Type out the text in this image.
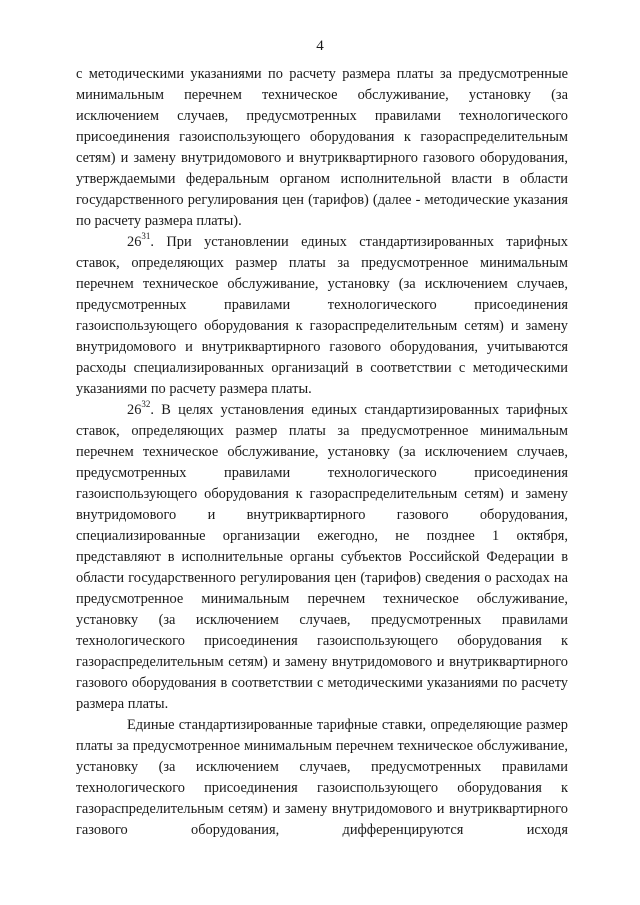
4

с методическими указаниями по расчету размера платы за предусмотренные минимальным перечнем техническое обслуживание, установку (за исключением случаев, предусмотренных правилами технологического присоединения газоиспользующего оборудования к газораспределительным сетям) и замену внутридомового и внутриквартирного газового оборудования, утверждаемыми федеральным органом исполнительной власти в области государственного регулирования цен (тарифов) (далее - методические указания по расчету размера платы).

$26^{31}$. При установлении единых стандартизированных тарифных ставок, определяющих размер платы за предусмотренное минимальным перечнем техническое обслуживание, установку (за исключением случаев, предусмотренных правилами технологического присоединения газоиспользующего оборудования к газораспределительным сетям) и замену внутридомового и внутриквартирного газового оборудования, учитываются расходы специализированных организаций в соответствии с методическими указаниями по расчету размера платы.

$26^{32}$. В целях установления единых стандартизированных тарифных ставок, определяющих размер платы за предусмотренное минимальным перечнем техническое обслуживание, установку (за исключением случаев, предусмотренных правилами технологического присоединения газоиспользующего оборудования к газораспределительным сетям) и замену внутридомового и внутриквартирного газового оборудования, специализированные организации ежегодно, не позднее 1 октября, представляют в исполнительные органы субъектов Российской Федерации в области государственного регулирования цен (тарифов) сведения о расходах на предусмотренное минимальным перечнем техническое обслуживание, установку (за исключением случаев, предусмотренных правилами технологического присоединения газоиспользующего оборудования к газораспределительным сетям) и замену внутридомового и внутриквартирного газового оборудования в соответствии с методическими указаниями по расчету размера платы.

Единые стандартизированные тарифные ставки, определяющие размер платы за предусмотренное минимальным перечнем техническое обслуживание, установку (за исключением случаев, предусмотренных правилами технологического присоединения газоиспользующего оборудования к газораспределительным сетям) и замену внутридомового и внутриквартирного газового оборудования, дифференцируются исходя
